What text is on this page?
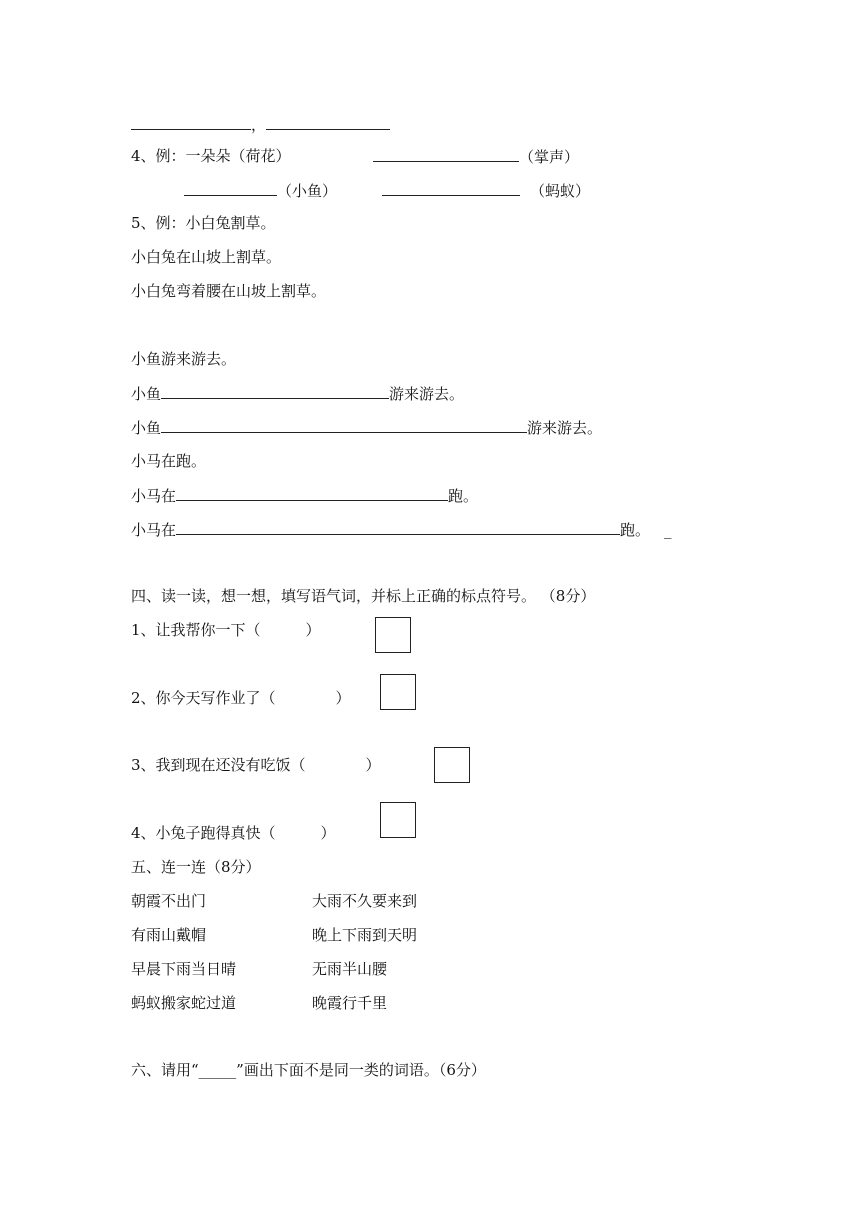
，
4、例：一朵朵（荷花）	（掌声）
（小鱼）	（蚂蚁）
5、例：小白兔割草。
小白兔在山坡上割草。
小白兔弯着腰在山坡上割草。
小鱼游来游去。
小鱼	游来游去。
小鱼	游来游去。
小马在跑。
小马在	跑。
小马在	跑。 _
四、读一读，想一想，填写语气词，并标上正确的标点符号。 （8分）
1、让我帮你一下（　　　）
2、你今天写作业了（　　　　）
3、我到现在还没有吃饭（　　　　）
4、小兔子跑得真快（　　　）
五、连一连（8分）
朝霞不出门	大雨不久要来到
有雨山戴帽	晚上下雨到天明
早晨下雨当日晴	无雨半山腰
蚂蚁搬家蛇过道	晚霞行千里
六、请用“_____”画出下面不是同一类的词语。（6分）
